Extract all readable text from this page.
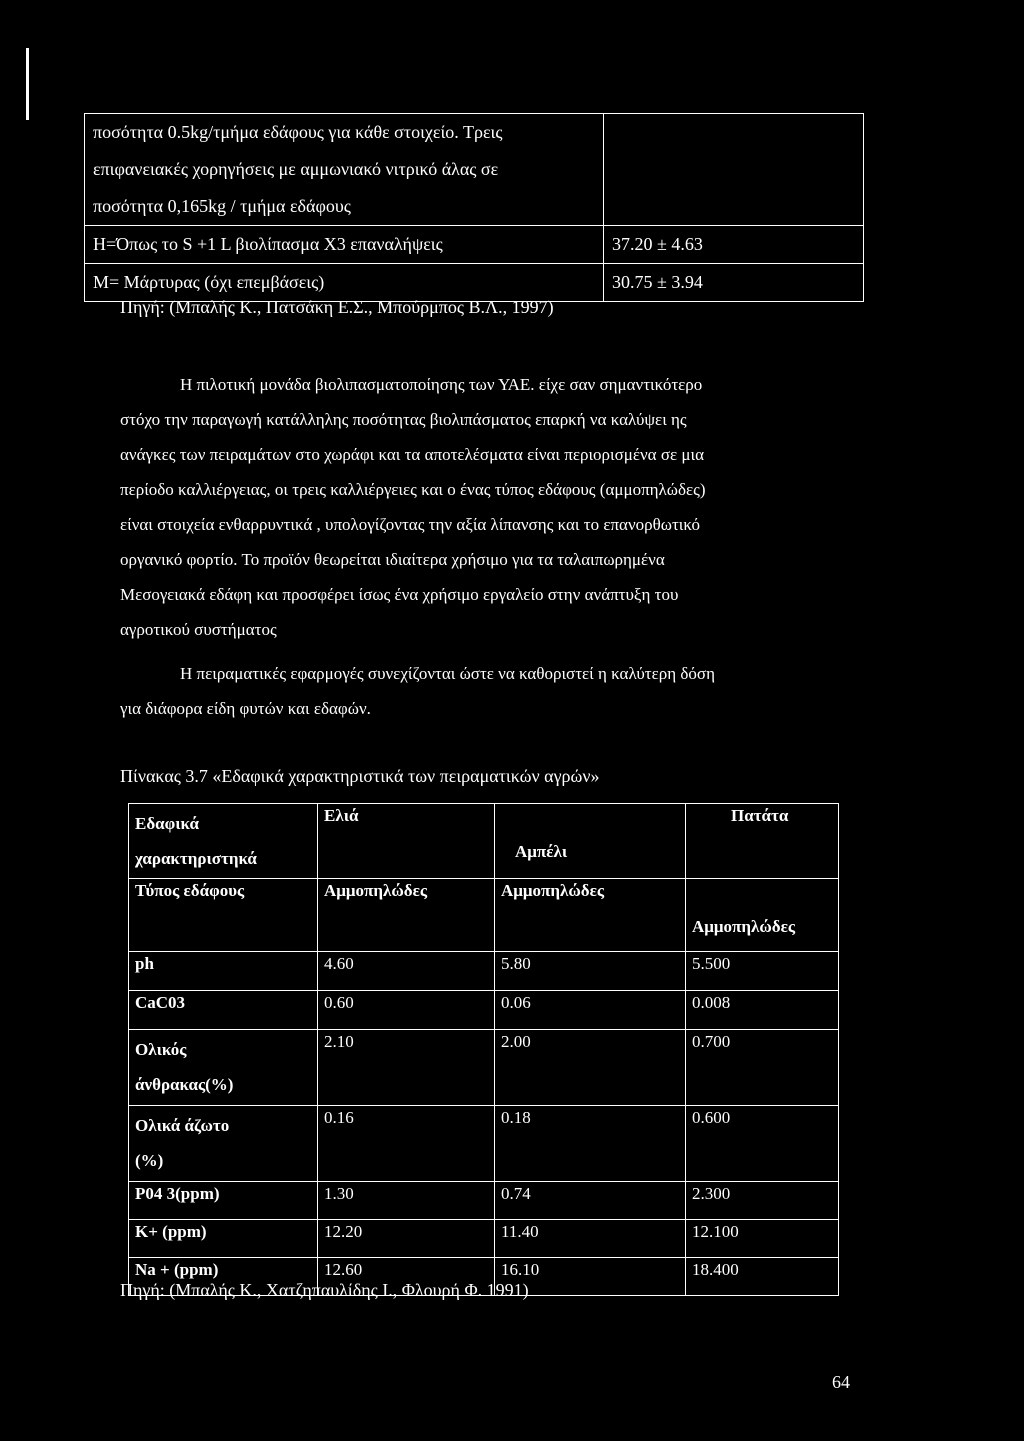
ποσότητα 0.5kg/τμήμα εδάφους για κάθε στοιχείο. Τρεις
επιφανειακές χορηγήσεις με αμμωνιακό νιτρικό άλας σε
ποσότητα 0,165kg / τμήμα εδάφους	

Η=Όπως το S +1 L βιολίπασμα X3 επαναλήψεις	37.20 ± 4.63
Μ= Μάρτυρας (όχι επεμβάσεις)	30.75 ± 3.94
Πηγή: (Μπαλής Κ., Πατσάκη Ε.Σ., Μπούρμπος Β.Λ., 1997)

Η πιλοτική μονάδα βιολιπασματοποίησης των ΥΑΕ. είχε σαν σημαντικότερο

στόχο την παραγωγή κατάλληλης ποσότητας βιολιπάσματος επαρκή να καλύψει ης

ανάγκες των πειραμάτων στο χωράφι και τα αποτελέσματα είναι περιορισμένα σε μια

περίοδο καλλιέργειας, οι τρεις καλλιέργειες και ο ένας τύπος εδάφους (αμμοπηλώδες)

είναι στοιχεία ενθαρρυντικά , υπολογίζοντας την αξία λίπανσης και το επανορθωτικό

οργανικό φορτίο. Το προϊόν θεωρείται ιδιαίτερα χρήσιμο για τα ταλαιπωρημένα

Μεσογειακά εδάφη και προσφέρει ίσως ένα χρήσιμο εργαλείο στην ανάπτυξη του

αγροτικού συστήματος

Η πειραματικές εφαρμογές συνεχίζονται ώστε να καθοριστεί η καλύτερη δόση

για διάφορα είδη φυτών και εδαφών.

Πίνακας 3.7 «Εδαφικά χαρακτηριστικά των πειραματικών αγρών»
Εδαφικά
χαρακτηριστηκά	Ελιά	Αμπέλι	Πατάτα
Τύπος εδάφους	Αμμοπηλώδες	Αμμοπηλώδες	Αμμοπηλώδες
ph	4.60	5.80	5.500
CaC03	0.60	0.06	0.008

Ολικός
άνθρακας(%)	2.10	2.00	0.700

Ολικά άζωτο
(%)	0.16	0.18	0.600
Ρ04 3(ppm)	1.30	0.74	2.300
K+ (ppm)	12.20	11.40	12.100
Na + (ppm)	12.60	16.10	18.400
Πηγή: (Μπαλής Κ., Χατζηπαυλίδης Ι., Φλουρή Φ. 1991)
64
